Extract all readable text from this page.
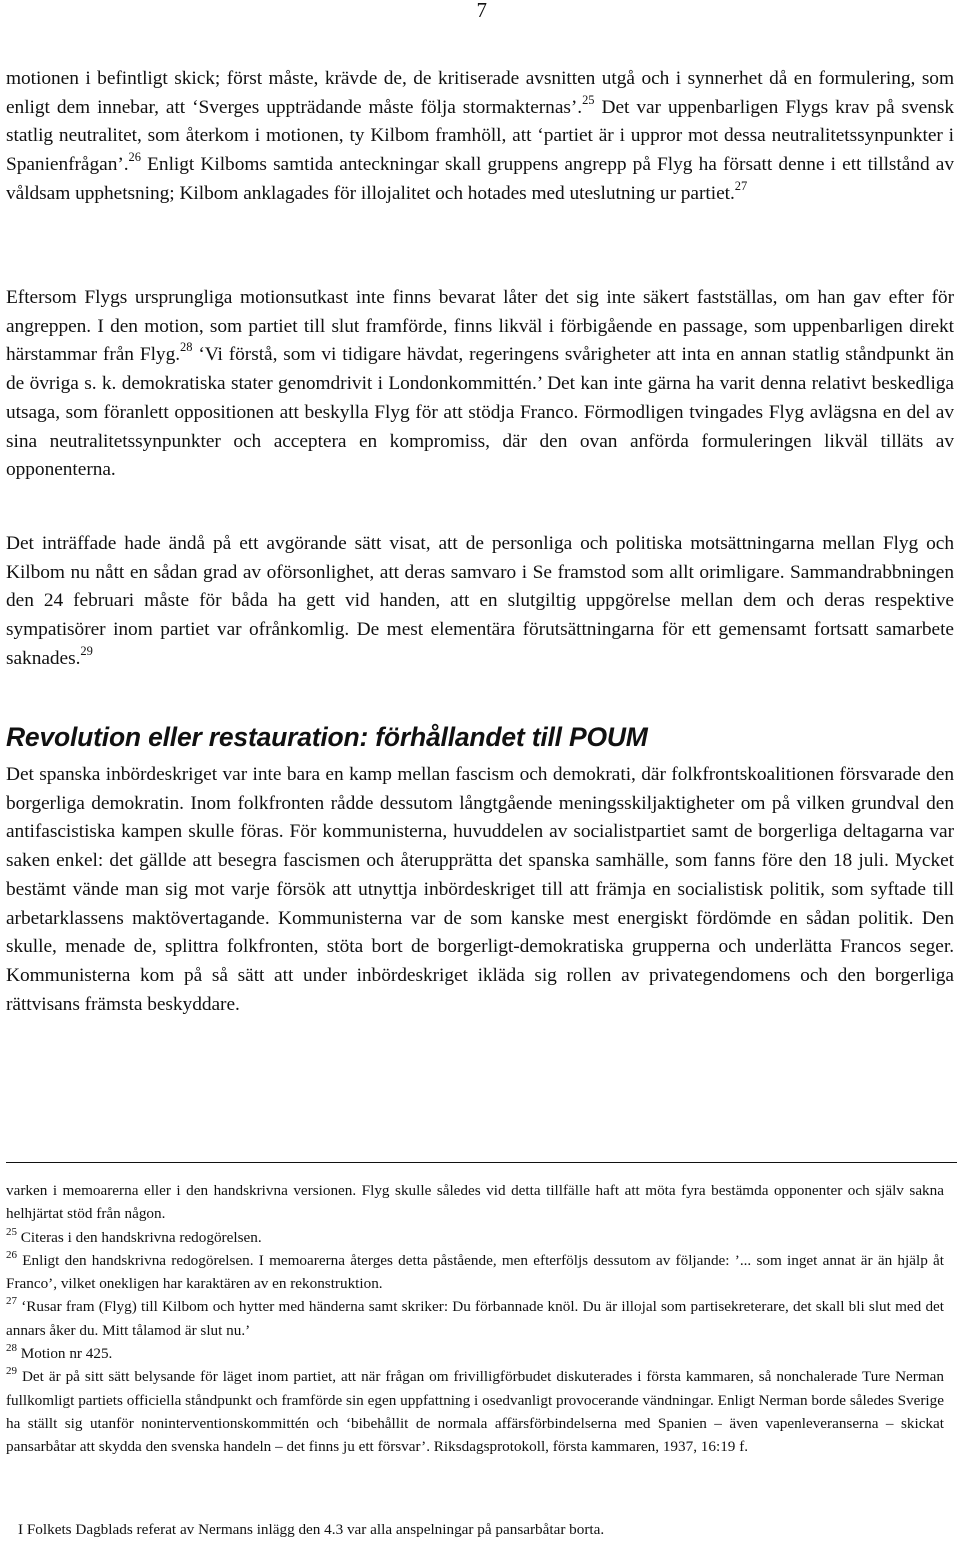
7

motionen i befintligt skick; först måste, krävde de, de kritiserade avsnitten utgå och i synnerhet då en formulering, som enligt dem innebar, att ‘Sverges uppträdande måste följa stormakternas’.$^{25}$ Det var uppenbarligen Flygs krav på svensk statlig neutralitet, som återkom i motionen, ty Kilbom framhöll, att ‘partiet är i uppror mot dessa neutralitetssynpunkter i Spanienfrågan’.$^{26}$ Enligt Kilboms samtida anteckningar skall gruppens angrepp på Flyg ha försatt denne i ett tillstånd av våldsam upphetsning; Kilbom anklagades för illojalitet och hotades med uteslutning ur partiet.$^{27}$

Eftersom Flygs ursprungliga motionsutkast inte finns bevarat låter det sig inte säkert fastställas, om han gav efter för angreppen. I den motion, som partiet till slut framförde, finns likväl i förbigående en passage, som uppenbarligen direkt härstammar från Flyg.$^{28}$ ‘Vi förstå, som vi tidigare hävdat, regeringens svårigheter att inta en annan statlig ståndpunkt än de övriga s. k. demokratiska stater genomdrivit i Londonkommittén.’ Det kan inte gärna ha varit denna relativt beskedliga utsaga, som föranlett oppositionen att beskylla Flyg för att stödja Franco. Förmodligen tvingades Flyg avlägsna en del av sina neutralitetssynpunkter och acceptera en kompromiss, där den ovan anförda formuleringen likväl tilläts av opponenterna.

Det inträffade hade ändå på ett avgörande sätt visat, att de personliga och politiska motsättningarna mellan Flyg och Kilbom nu nått en sådan grad av oförsonlighet, att deras samvaro i Se framstod som allt orimligare. Sammandrabbningen den 24 februari måste för båda ha gett vid handen, att en slutgiltig uppgörelse mellan dem och deras respektive sympatisörer inom partiet var ofrånkomlig. De mest elementära förutsättningarna för ett gemensamt fortsatt samarbete saknades.$^{29}$

Revolution eller restauration: förhållandet till POUM

Det spanska inbördeskriget var inte bara en kamp mellan fascism och demokrati, där folkfrontskoalitionen försvarade den borgerliga demokratin. Inom folkfronten rådde dessutom långtgående meningsskiljaktigheter om på vilken grundval den antifascistiska kampen skulle föras. För kommunisterna, huvuddelen av socialistpartiet samt de borgerliga deltagarna var saken enkel: det gällde att besegra fascismen och återupprätta det spanska samhälle, som fanns före den 18 juli. Mycket bestämt vände man sig mot varje försök att utnyttja inbördeskriget till att främja en socialistisk politik, som syftade till arbetarklassens maktövertagande. Kommunisterna var de som kanske mest energiskt fördömde en sådan politik. Den skulle, menade de, splittra folkfronten, stöta bort de borgerligt-demokratiska grupperna och underlätta Francos seger. Kommunisterna kom på så sätt att under inbördeskriget ikläda sig rollen av privategendomens och den borgerliga rättvisans främsta beskyddare.

varken i memoarerna eller i den handskrivna versionen. Flyg skulle således vid detta tillfälle haft att möta fyra bestämda opponenter och själv sakna helhjärtat stöd från någon.

$^{25}$ Citeras i den handskrivna redogörelsen.

$^{26}$ Enligt den handskrivna redogörelsen. I memoarerna återges detta påstående, men efterföljs dessutom av följande: ’... som inget annat är än hjälp åt Franco’, vilket onekligen har karaktären av en rekonstruktion.

$^{27}$ ‘Rusar fram (Flyg) till Kilbom och hytter med händerna samt skriker: Du förbannade knöl. Du är illojal som partisekreterare, det skall bli slut med det annars åker du. Mitt tålamod är slut nu.’

$^{28}$ Motion nr 425.

$^{29}$ Det är på sitt sätt belysande för läget inom partiet, att när frågan om frivilligförbudet diskuterades i första kammaren, så nonchalerade Ture Nerman fullkomligt partiets officiella ståndpunkt och framförde sin egen uppfattning i osedvanligt provocerande vändningar. Enligt Nerman borde således Sverige ha ställt sig utanför noninterventionskommittén och ‘bibehållit de normala affärsförbindelserna med Spanien – även vapenleveranserna – skickat pansarbåtar att skydda den svenska handeln – det finns ju ett försvar’. Riksdagsprotokoll, första kammaren, 1937, 16:19 f.

I Folkets Dagblads referat av Nermans inlägg den 4.3 var alla anspelningar på pansarbåtar borta.
